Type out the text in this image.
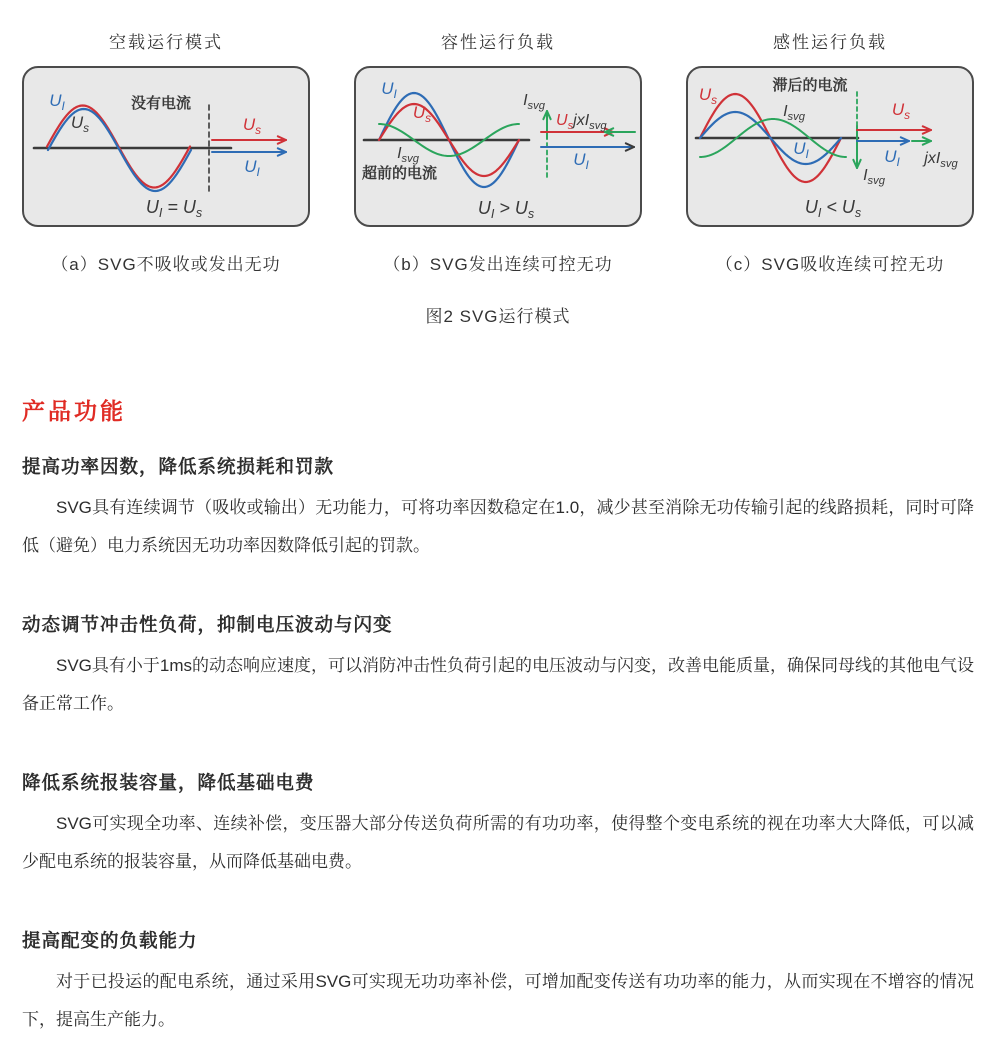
空载运行模式
$U_I$
$U_s$
没有电流
$U_s$
$U_I$
$U_I = U_s$
（a）SVG不吸收或发出无功
容性运行负载
$U_I$
$U_s$
$I_{svg}$
超前的电流
$I_{svg}$
$U_sjxI_{svg}$
$U_I$
$U_I > U_s$
（b）SVG发出连续可控无功
感性运行负载
滞后的电流
$U_s$
$I_{svg}$
$U_I$
$U_s$
$U_I$ jxI$_{svg}$
$I_{svg}$
$U_I < U_s$
（c）SVG吸收连续可控无功
图2 SVG运行模式
产品功能
提高功率因数，降低系统损耗和罚款

SVG具有连续调节（吸收或输出）无功能力，可将功率因数稳定在1.0，减少甚至消除无功传输引起的线路损耗，同时可降低（避免）电力系统因无功功率因数降低引起的罚款。

动态调节冲击性负荷，抑制电压波动与闪变

SVG具有小于1ms的动态响应速度，可以消防冲击性负荷引起的电压波动与闪变，改善电能质量，确保同母线的其他电气设备正常工作。

降低系统报装容量，降低基础电费

SVG可实现全功率、连续补偿，变压器大部分传送负荷所需的有功功率，使得整个变电系统的视在功率大大降低，可以减少配电系统的报装容量，从而降低基础电费。

提高配变的负载能力

对于已投运的配电系统，通过采用SVG可实现无功功率补偿，可增加配变传送有功功率的能力，从而实现在不增容的情况下，提高生产能力。
